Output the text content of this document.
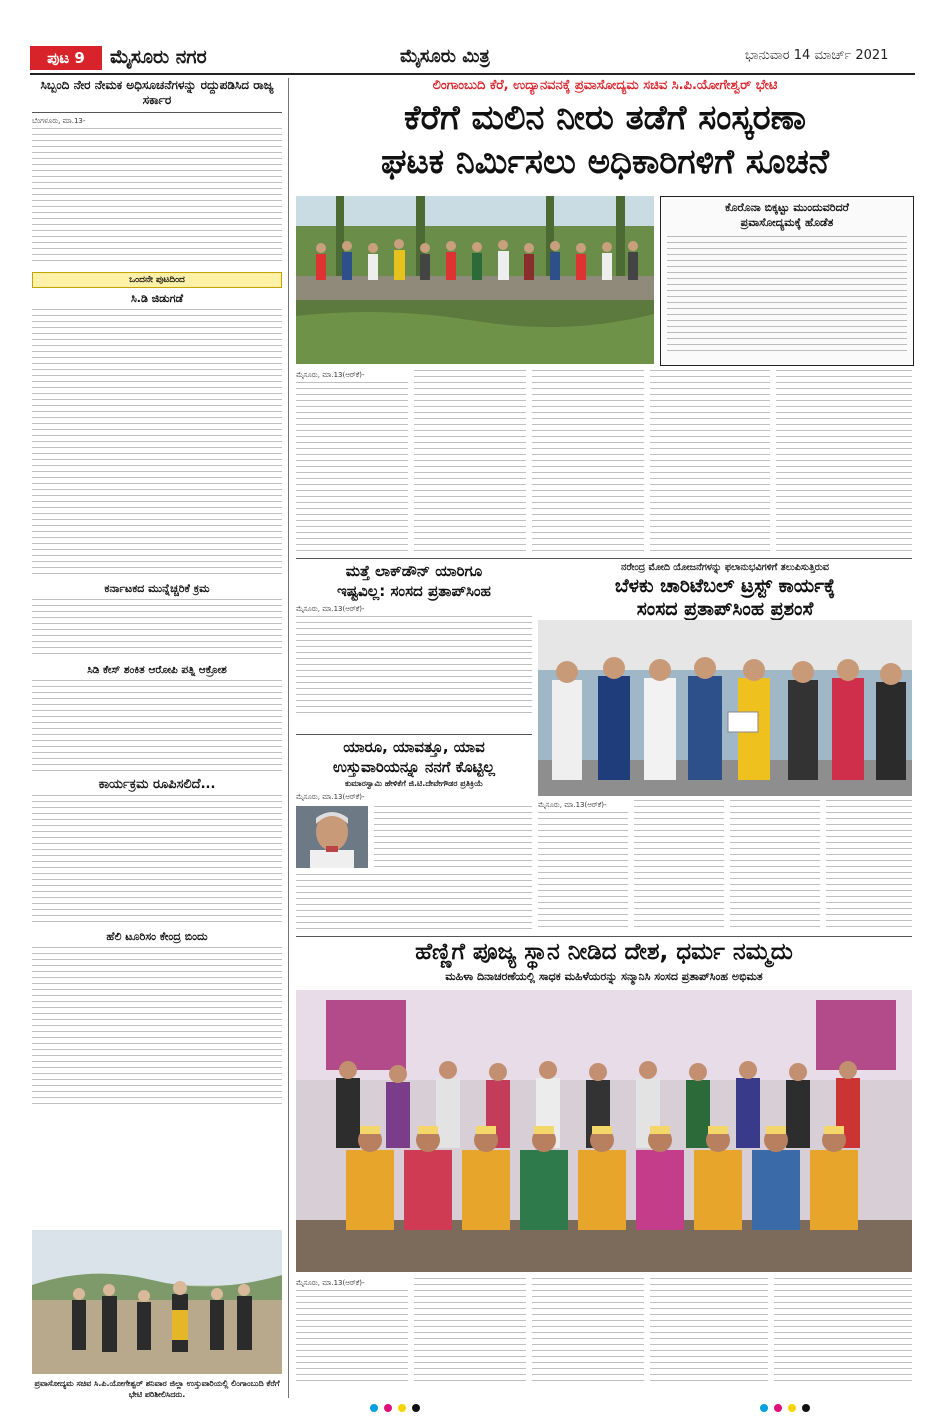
ಪುಟ 9	ಮೈಸೂರು ನಗರ	ಮೈಸೂರು ಮಿತ್ರ	ಭಾನುವಾರ 14 ಮಾರ್ಚ್ 2021
ಸಿಬ್ಬಂದಿ ನೇರ ನೇಮಕ ಅಧಿಸೂಚನೆಗಳನ್ನು ರದ್ದುಪಡಿಸಿದ ರಾಜ್ಯ ಸರ್ಕಾರ
ಬೆಂಗಳೂರು, ಮಾ.13-
ಒಂದನೇ ಪುಟದಿಂದ
ಸಿ.ಡಿ ಜಿಡುಗಡೆ
ಕರ್ನಾಟಕದ ಮುನ್ನೆಚ್ಚರಿಕೆ ಕ್ರಮ
ಸಿಡಿ ಕೇಸ್‌ ಶಂಕಿತ ಆರೋಪಿ ಪತ್ನಿ ಆಕ್ರೋಶ
ಕಾರ್ಯಕ್ರಮ ರೂಪಿಸಲಿದೆ...
ಹೆಲಿ ಟೂರಿಸಂ ಕೇಂದ್ರ ಬಿಂದು
ಪ್ರವಾಸೋದ್ಯಮ ಸಚಿವ ಸಿ.ಪಿ.ಯೋಗೇಶ್ವರ್ ಶನಿವಾರ ಜಿಲ್ಲಾ ಉಸ್ತುವಾರಿಯಲ್ಲಿ ಲಿಂಗಾಂಬುದಿ ಕೆರೆಗೆ ಭೇಟಿ ಪರಿಶೀಲಿಸಿದರು.
ಲಿಂಗಾಂಬುದಿ ಕೆರೆ, ಉದ್ಯಾನವನಕ್ಕೆ ಪ್ರವಾಸೋದ್ಯಮ ಸಚಿವ ಸಿ.ಪಿ.ಯೋಗೇಶ್ವರ್ ಭೇಟಿ
ಕೆರೆಗೆ ಮಲಿನ ನೀರು ತಡೆಗೆ ಸಂಸ್ಕರಣಾ
ಘಟಕ ನಿರ್ಮಿಸಲು ಅಧಿಕಾರಿಗಳಿಗೆ ಸೂಚನೆ
ಕೊರೊನಾ ಬಿಕ್ಕಟ್ಟು ಮುಂದುವರಿದರೆ
ಪ್ರವಾಸೋದ್ಯಮಕ್ಕೆ ಹೊಡೆತ
ಮೈಸೂರು, ಮಾ.13(ಆರ್‌ಕೆ)-
ಮತ್ತೆ ಲಾಕ್‌ಡೌನ್ ಯಾರಿಗೂ
ಇಷ್ಟವಿಲ್ಲ: ಸಂಸದ ಪ್ರತಾಪ್‌ಸಿಂಹ
ಮೈಸೂರು, ಮಾ.13(ಆರ್‌ಕೆ)-
ಯಾರೂ, ಯಾವತ್ತೂ, ಯಾವ
ಉಸ್ತುವಾರಿಯನ್ನೂ ನನಗೆ ಕೊಟ್ಟಿಲ್ಲ
ಕುಮಾರಸ್ವಾಮಿ ಹೇಳಿಕೆಗೆ ಜಿ.ಟಿ.ದೇವೇಗೌಡರ ಪ್ರತಿಕ್ರಿಯೆ
ಮೈಸೂರು, ಮಾ.13(ಆರ್‌ಕೆ)-
ನರೇಂದ್ರ ಮೋದಿ ಯೋಜನೆಗಳನ್ನು ಫಲಾನುಭವಿಗಳಿಗೆ ತಲುಪಿಸುತ್ತಿರುವ
ಬೆಳಕು ಚಾರಿಟೆಬಲ್ ಟ್ರಸ್ಟ್ ಕಾರ್ಯಕ್ಕೆ
ಸಂಸದ ಪ್ರತಾಪ್‌ಸಿಂಹ ಪ್ರಶಂಸೆ
ಮೈಸೂರು, ಮಾ.13(ಆರ್‌ಕೆ)-
ಹೆಣ್ಣಿಗೆ ಪೂಜ್ಯ ಸ್ಥಾನ ನೀಡಿದ ದೇಶ, ಧರ್ಮ ನಮ್ಮದು
ಮಹಿಳಾ ದಿನಾಚರಣೆಯಲ್ಲಿ ಸಾಧಕ ಮಹಿಳೆಯರನ್ನು ಸನ್ಮಾನಿಸಿ ಸಂಸದ ಪ್ರತಾಪ್‌ಸಿಂಹ ಅಭಿಮತ
ಮೈಸೂರು, ಮಾ.13(ಆರ್‌ಕೆ)-
